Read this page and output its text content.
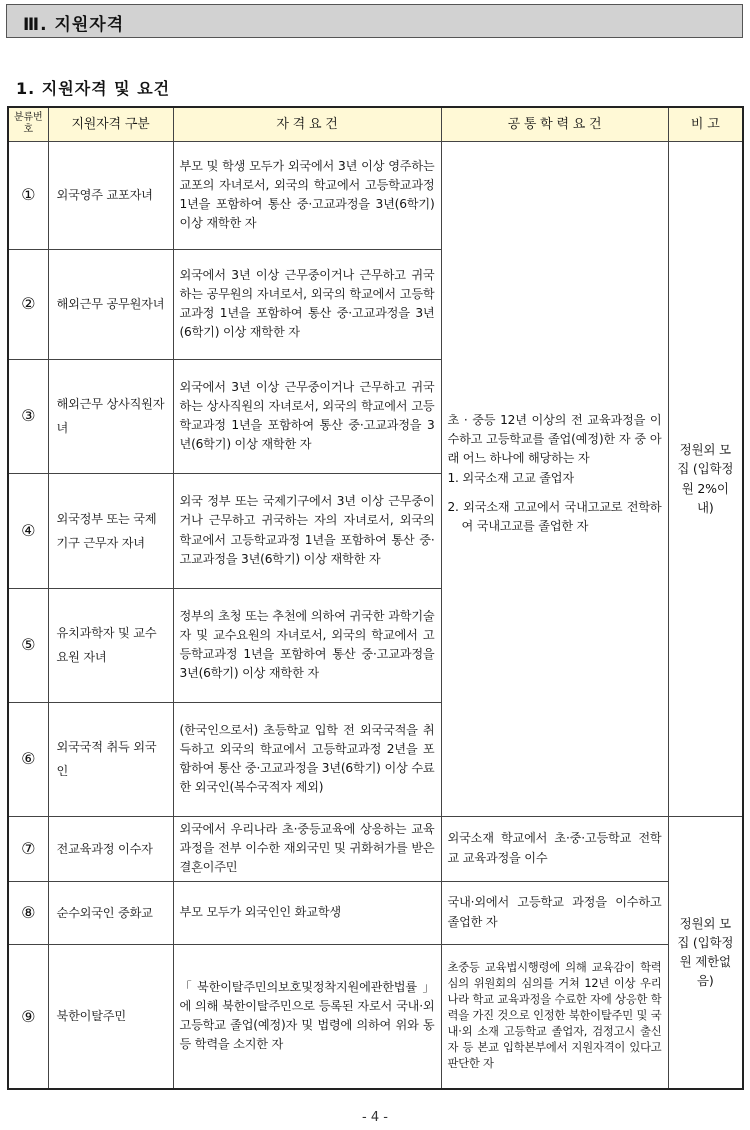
Ⅲ. 지원자격
1. 지원자격 및 요건
분류번호	지원자격 구분	자 격 요 건	공 통 학 력 요 건	비 고
①	외국영주 교포자녀	부모 및 학생 모두가 외국에서 3년 이상 영주하는 교포의 자녀로서, 외국의 학교에서 고등학교과정 1년을 포함하여 통산 중·고교과정을 3년(6학기) 이상 재학한 자	초 · 중등 12년 이상의 전 교육과정을 이수하고 고등학교를 졸업(예정)한 자 중 아래 어느 하나에 해당하는 자
1. 외국소재 고교 졸업자
2. 외국소재 고교에서 국내고교로 전학하여 국내고교를 졸업한 자	정원외 모집 (입학정원 2%이내)
②	해외근무 공무원자녀	외국에서 3년 이상 근무중이거나 근무하고 귀국하는 공무원의 자녀로서, 외국의 학교에서 고등학교과정 1년을 포함하여 통산 중·고교과정을 3년(6학기) 이상 재학한 자		
③	해외근무 상사직원자녀	외국에서 3년 이상 근무중이거나 근무하고 귀국하는 상사직원의 자녀로서, 외국의 학교에서 고등학교과정 1년을 포함하여 통산 중·고교과정을 3년(6학기) 이상 재학한 자		
④	외국정부 또는 국제기구 근무자 자녀	외국 정부 또는 국제기구에서 3년 이상 근무중이거나 근무하고 귀국하는 자의 자녀로서, 외국의 학교에서 고등학교과정 1년을 포함하여 통산 중·고교과정을 3년(6학기) 이상 재학한 자		
⑤	유치과학자 및 교수요원 자녀	정부의 초청 또는 추천에 의하여 귀국한 과학기술자 및 교수요원의 자녀로서, 외국의 학교에서 고등학교과정 1년을 포함하여 통산 중·고교과정을 3년(6학기) 이상 재학한 자		
⑥	외국국적 취득 외국인	(한국인으로서) 초등학교 입학 전 외국국적을 취득하고 외국의 학교에서 고등학교과정 2년을 포함하여 통산 중·고교과정을 3년(6학기) 이상 수료한 외국인(복수국적자 제외)		
⑦	전교육과정 이수자	외국에서 우리나라 초·중등교육에 상응하는 교육과정을 전부 이수한 재외국민 및 귀화허가를 받은 결혼이주민	외국소재 학교에서 초·중·고등학교 전학교 교육과정을 이수	정원외 모집 (입학정원 제한없음)
⑧	순수외국인 중화교	부모 모두가 외국인인 화교학생	국내·외에서 고등학교 과정을 이수하고 졸업한 자	
⑨	북한이탈주민	「북한이탈주민의보호및정착지원에관한법률」에 의해 북한이탈주민으로 등록된 자로서 국내·외 고등학교 졸업(예정)자 및 법령에 의하여 위와 동등 학력을 소지한 자	초중등 교육법시행령에 의해 교육감이 학력심의 위원회의 심의를 거쳐 12년 이상 우리나라 학교 교육과정을 수료한 자에 상응한 학력을 가진 것으로 인정한 북한이탈주민 및 국내·외 소재 고등학교 졸업자, 검정고시 출신자 등 본교 입학본부에서 지원자격이 있다고 판단한 자	
- 4 -
